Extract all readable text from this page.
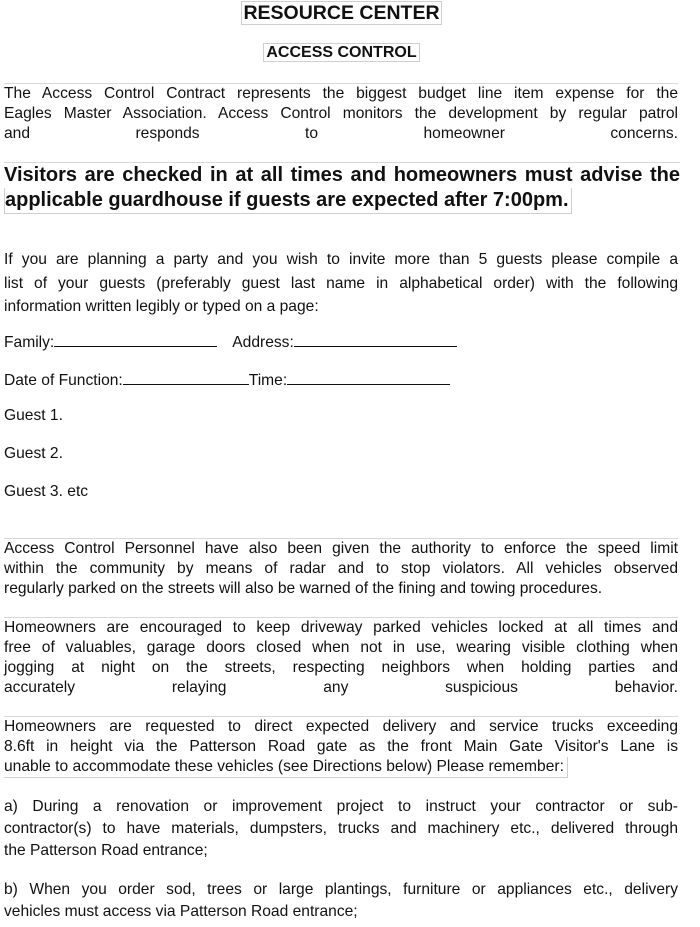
RESOURCE CENTER
ACCESS CONTROL
The Access Control Contract represents the biggest budget line item expense for the
Eagles Master Association. Access Control monitors the development by regular patrol
and responds to homeowner concerns.
Visitors are checked in at all times and homeowners must advise the
applicable guardhouse if guests are expected after 7:00pm.
If you are planning a party and you wish to invite more than 5 guests please compile a
list of your guests (preferably guest last name in alphabetical order) with the following
information written legibly or typed on a page:
Family:	Address:
Date of Function:	Time:
Guest 1.
Guest 2.
Guest 3. etc
Access Control Personnel have also been given the authority to enforce the speed limit
within the community by means of radar and to stop violators. All vehicles observed
regularly parked on the streets will also be warned of the fining and towing procedures.
Homeowners are encouraged to keep driveway parked vehicles locked at all times and
free of valuables, garage doors closed when not in use, wearing visible clothing when
jogging at night on the streets, respecting neighbors when holding parties and
accurately relaying any suspicious behavior.
Homeowners are requested to direct expected delivery and service trucks exceeding
8.6ft in height via the Patterson Road gate as the front Main Gate Visitor's Lane is
unable to accommodate these vehicles (see Directions below) Please remember:
a) During a renovation or improvement project to instruct your contractor or sub-
contractor(s) to have materials, dumpsters, trucks and machinery etc., delivered through
the Patterson Road entrance;
b) When you order sod, trees or large plantings, furniture or appliances etc., delivery
vehicles must access via Patterson Road entrance;
